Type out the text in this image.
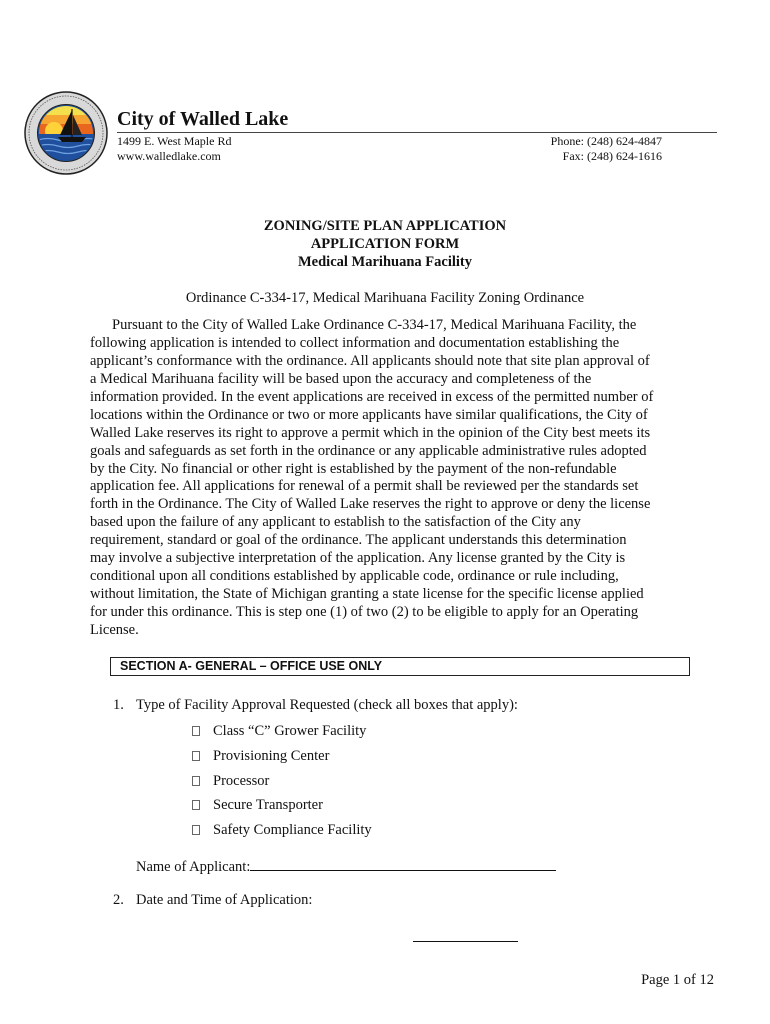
City of Walled Lake
1499 E. West Maple Rd
www.walledlake.com
Phone: (248) 624-4847
Fax: (248) 624-1616
ZONING/SITE PLAN APPLICATION
APPLICATION FORM
Medical Marihuana Facility
Ordinance C-334-17, Medical Marihuana Facility Zoning Ordinance
Pursuant to the City of Walled Lake Ordinance C-334-17, Medical Marihuana Facility, the
following application is intended to collect information and documentation establishing the
applicant’s conformance with the ordinance. All applicants should note that site plan approval of
a Medical Marihuana facility will be based upon the accuracy and completeness of the
information provided. In the event applications are received in excess of the permitted number of
locations within the Ordinance or two or more applicants have similar qualifications, the City of
Walled Lake reserves its right to approve a permit which in the opinion of the City best meets its
goals and safeguards as set forth in the ordinance or any applicable administrative rules adopted
by the City. No financial or other right is established by the payment of the non-refundable
application fee. All applications for renewal of a permit shall be reviewed per the standards set
forth in the Ordinance. The City of Walled Lake reserves the right to approve or deny the license
based upon the failure of any applicant to establish to the satisfaction of the City any
requirement, standard or goal of the ordinance. The applicant understands this determination
may involve a subjective interpretation of the application. Any license granted by the City is
conditional upon all conditions established by applicable code, ordinance or rule including,
without limitation, the State of Michigan granting a state license for the specific license applied
for under this ordinance. This is step one (1) of two (2) to be eligible to apply for an Operating
License.
SECTION A- GENERAL – OFFICE USE ONLY
1. Type of Facility Approval Requested (check all boxes that apply):
Class “C” Grower Facility
Provisioning Center
Processor
Secure Transporter
Safety Compliance Facility
Name of Applicant:
2. Date and Time of Application:
Page 1 of 12
